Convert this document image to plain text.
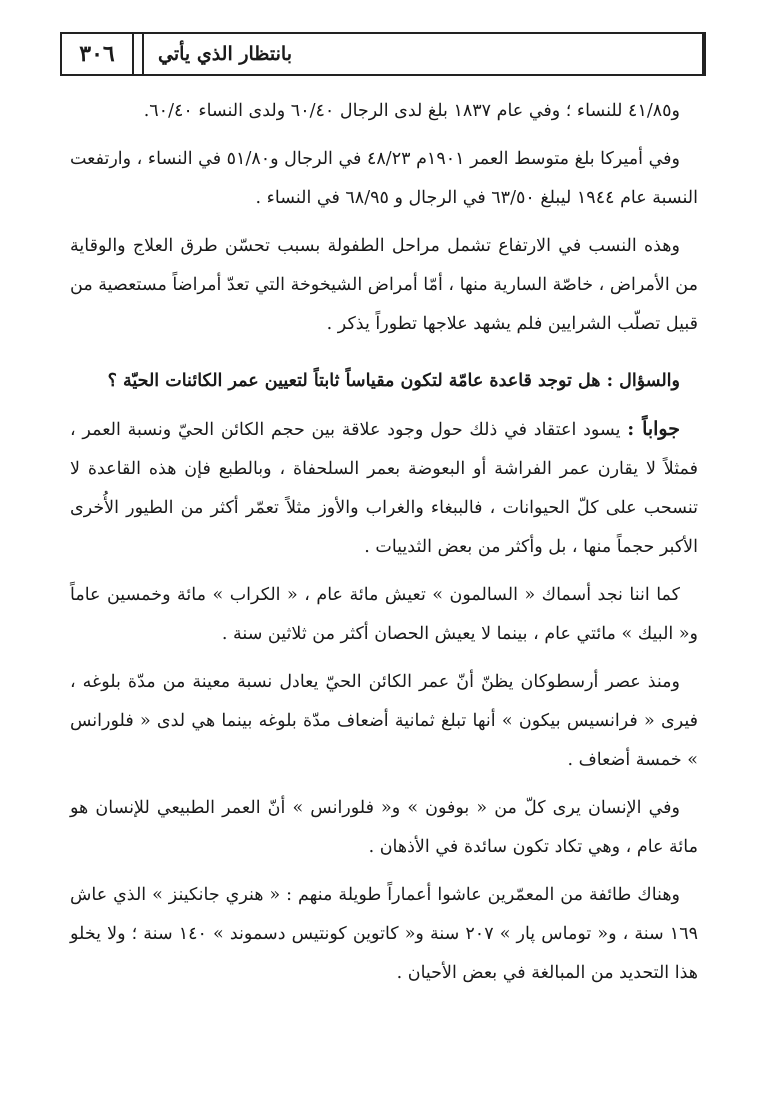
بانتظار الذي يأتي
٣٠٦

و٤١/٨٥ للنساء ؛ وفي عام ١٨٣٧ بلغ لدى الرجال ٦٠/٤٠ ولدى النساء ٦٠/٤٠.

وفي أميركا بلغ متوسط العمر ١٩٠١م ٤٨/٢٣ في الرجال و٥١/٨٠ في النساء ، وارتفعت النسبة عام ١٩٤٤ ليبلغ ٦٣/٥٠ في الرجال و ٦٨/٩٥ في النساء .

وهذه النسب في الارتفاع تشمل مراحل الطفولة بسبب تحسّن طرق العلاج والوقاية من الأمراض ، خاصّة السارية منها ، أمّا أمراض الشيخوخة التي تعدّ أمراضاً مستعصية من قبيل تصلّب الشرايين فلم يشهد علاجها تطوراً يذكر .

والسؤال : هل توجد قاعدة عامّة لتكون مقياساً ثابتاً لتعيين عمر الكائنات الحيّة ؟

جواباً : يسود اعتقاد في ذلك حول وجود علاقة بين حجم الكائن الحيّ ونسبة العمر ، فمثلاً لا يقارن عمر الفراشة أو البعوضة بعمر السلحفاة ، وبالطبع فإن هذه القاعدة لا تنسحب على كلّ الحيوانات ، فالببغاء والغراب والأوز مثلاً تعمّر أكثر من الطيور الأُخرى الأكبر حجماً منها ، بل وأكثر من بعض الثدييات .

كما اننا نجد أسماك « السالمون » تعيش مائة عام ، « الكراب » مائة وخمسين عاماً و« البيك » مائتي عام ، بينما لا يعيش الحصان أكثر من ثلاثين سنة .

ومنذ عصر أرسطوكان يظنّ أنّ عمر الكائن الحيّ يعادل نسبة معينة من مدّة بلوغه ، فيرى « فرانسيس بيكون » أنها تبلغ ثمانية أضعاف مدّة بلوغه بينما هي لدى « فلورانس » خمسة أضعاف .

وفي الإنسان يرى كلّ من « بوفون » و« فلورانس » أنّ العمر الطبيعي للإنسان هو مائة عام ، وهي تكاد تكون سائدة في الأذهان .

وهناك طائفة من المعمّرين عاشوا أعماراً طويلة منهم : « هنري جانكينز » الذي عاش ١٦٩ سنة ، و« توماس پار » ٢٠٧ سنة و« كاتوين كونتيس دسموند » ١٤٠ سنة ؛ ولا يخلو هذا التحديد من المبالغة في بعض الأحيان .
